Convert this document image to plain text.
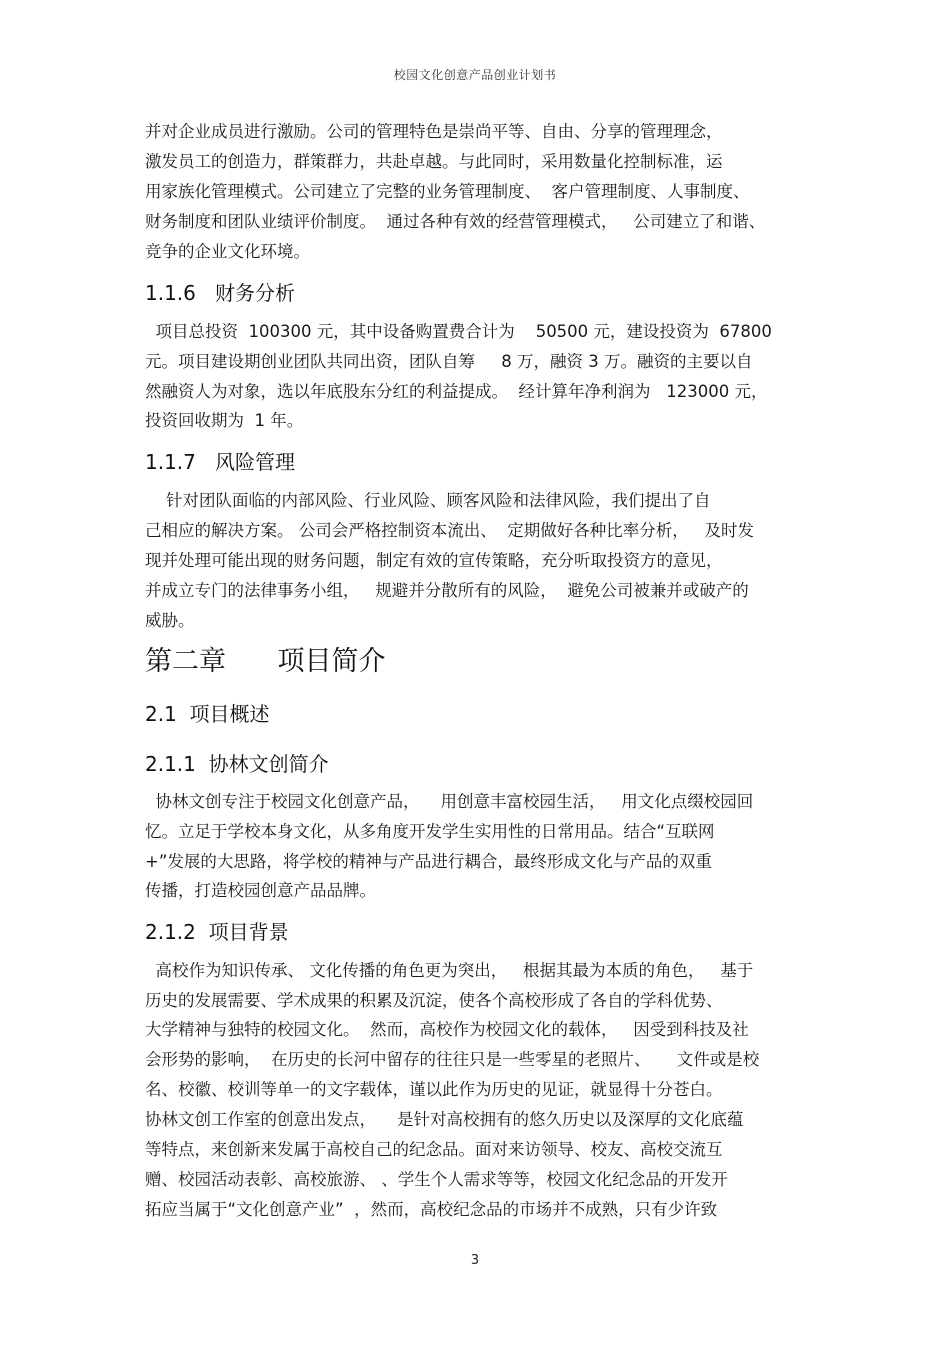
校园文化创意产品创业计划书

并对企业成员进行激励。公司的管理特色是崇尚平等、自由、分享的管理理念，

激发员工的创造力，群策群力，共赴卓越。与此同时，采用数量化控制标准，运

用家族化管理模式。公司建立了完整的业务管理制度、  客户管理制度、人事制度、

财务制度和团队业绩评价制度。  通过各种有效的经营管理模式，   公司建立了和谐、

竞争的企业文化环境。

1.1.6   财务分析

项目总投资  100300 元，其中设备购置费合计为    50500 元，建设投资为  67800

元。项目建设期创业团队共同出资，团队自筹     8 万，融资 3 万。融资的主要以自

然融资人为对象，选以年底股东分红的利益提成。  经计算年净利润为   123000 元，

投资回收期为  1 年。

1.1.7   风险管理

针对团队面临的内部风险、行业风险、顾客风险和法律风险，我们提出了自

己相应的解决方案。 公司会严格控制资本流出、  定期做好各种比率分析，   及时发

现并处理可能出现的财务问题，制定有效的宣传策略，充分听取投资方的意见，

并成立专门的法律事务小组，   规避并分散所有的风险，  避免公司被兼并或破产的

威胁。

第二章      项目简介
2.1  项目概述
2.1.1  协林文创简介

协林文创专注于校园文化创意产品，    用创意丰富校园生活，   用文化点缀校园回

忆。立足于学校本身文化，从多角度开发学生实用性的日常用品。结合“互联网

+”发展的大思路，将学校的精神与产品进行耦合，最终形成文化与产品的双重

传播，打造校园创意产品品牌。

2.1.2  项目背景

高校作为知识传承、 文化传播的角色更为突出，   根据其最为本质的角色，   基于

历史的发展需要、学术成果的积累及沉淀，使各个高校形成了各自的学科优势、

大学精神与独特的校园文化。  然而，高校作为校园文化的载体，   因受到科技及社

会形势的影响，  在历史的长河中留存的往往只是一些零星的老照片、     文件或是校

名、校徽、校训等单一的文字载体，谨以此作为历史的见证，就显得十分苍白。

协林文创工作室的创意出发点，    是针对高校拥有的悠久历史以及深厚的文化底蕴

等特点，来创新来发属于高校自己的纪念品。面对来访领导、校友、高校交流互

赠、校园活动表彰、高校旅游、 、学生个人需求等等，校园文化纪念品的开发开

拓应当属于“文化创意产业”  ，然而，高校纪念品的市场并不成熟，只有少许致

3
